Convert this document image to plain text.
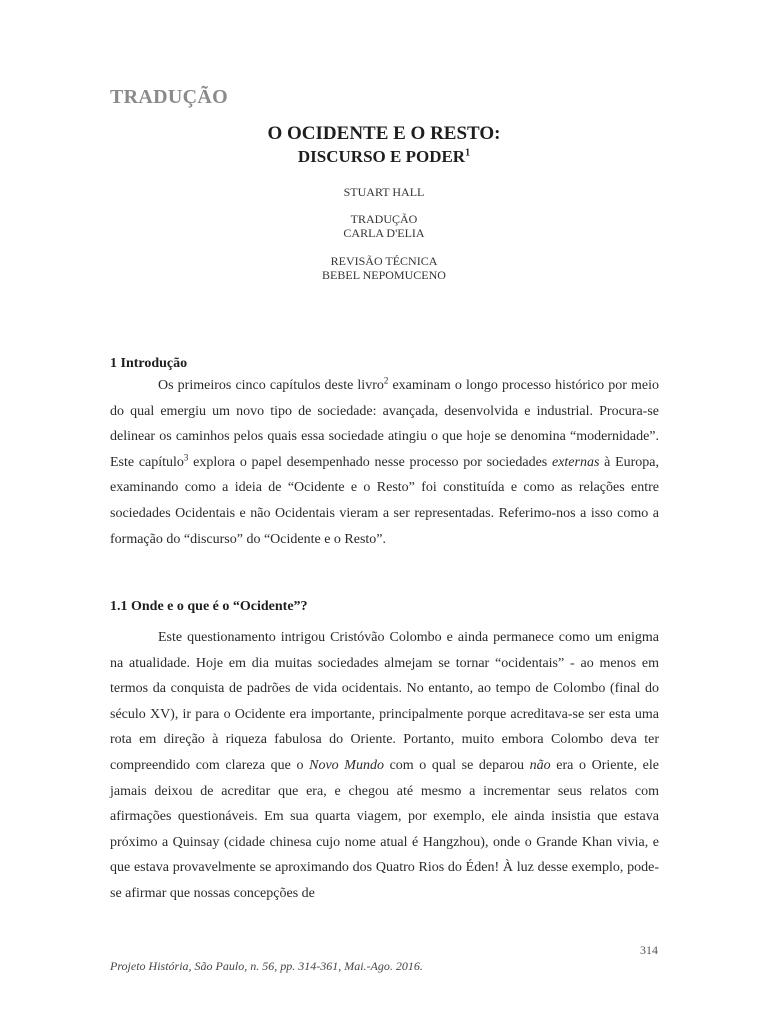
TRADUÇÃO
O OCIDENTE E O RESTO:
DISCURSO E PODER$^1$
STUART HALL
TRADUÇÃO
CARLA D'ELIA
REVISÃO TÉCNICA
BEBEL NEPOMUCENO
1 Introdução

Os primeiros cinco capítulos deste livro$^2$ examinam o longo processo histórico por meio do qual emergiu um novo tipo de sociedade: avançada, desenvolvida e industrial. Procura-se delinear os caminhos pelos quais essa sociedade atingiu o que hoje se denomina “modernidade”. Este capítulo$^3$ explora o papel desempenhado nesse processo por sociedades externas à Europa, examinando como a ideia de “Ocidente e o Resto” foi constituída e como as relações entre sociedades Ocidentais e não Ocidentais vieram a ser representadas. Referimo-nos a isso como a formação do “discurso” do “Ocidente e o Resto”.

1.1 Onde e o que é o “Ocidente”?

Este questionamento intrigou Cristóvão Colombo e ainda permanece como um enigma na atualidade. Hoje em dia muitas sociedades almejam se tornar “ocidentais” - ao menos em termos da conquista de padrões de vida ocidentais. No entanto, ao tempo de Colombo (final do século XV), ir para o Ocidente era importante, principalmente porque acreditava-se ser esta uma rota em direção à riqueza fabulosa do Oriente. Portanto, muito embora Colombo deva ter compreendido com clareza que o Novo Mundo com o qual se deparou não era o Oriente, ele jamais deixou de acreditar que era, e chegou até mesmo a incrementar seus relatos com afirmações questionáveis. Em sua quarta viagem, por exemplo, ele ainda insistia que estava próximo a Quinsay (cidade chinesa cujo nome atual é Hangzhou), onde o Grande Khan vivia, e que estava provavelmente se aproximando dos Quatro Rios do Éden! À luz desse exemplo, pode-se afirmar que nossas concepções de

314
Projeto História, São Paulo, n. 56, pp. 314-361, Mai.-Ago. 2016.
